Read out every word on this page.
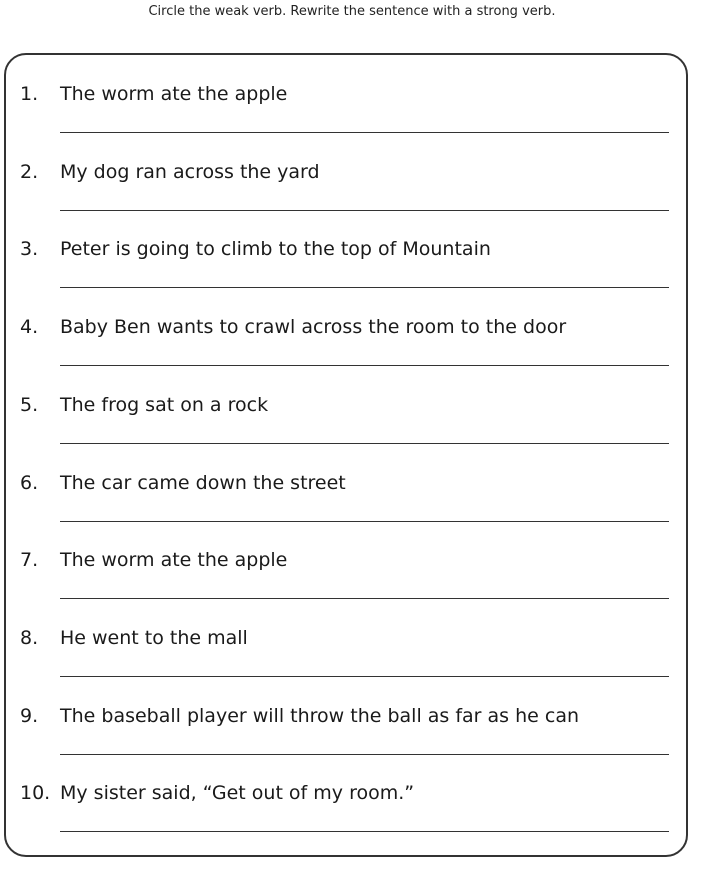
Circle the weak verb. Rewrite the sentence with a strong verb.
1. The worm ate the apple
2. My dog ran across the yard
3. Peter is going to climb to the top of Mountain
4. Baby Ben wants to crawl across the room to the door
5. The frog sat on a rock
6. The car came down the street
7. The worm ate the apple
8. He went to the mall
9. The baseball player will throw the ball as far as he can
10. My sister said, “Get out of my room.”
